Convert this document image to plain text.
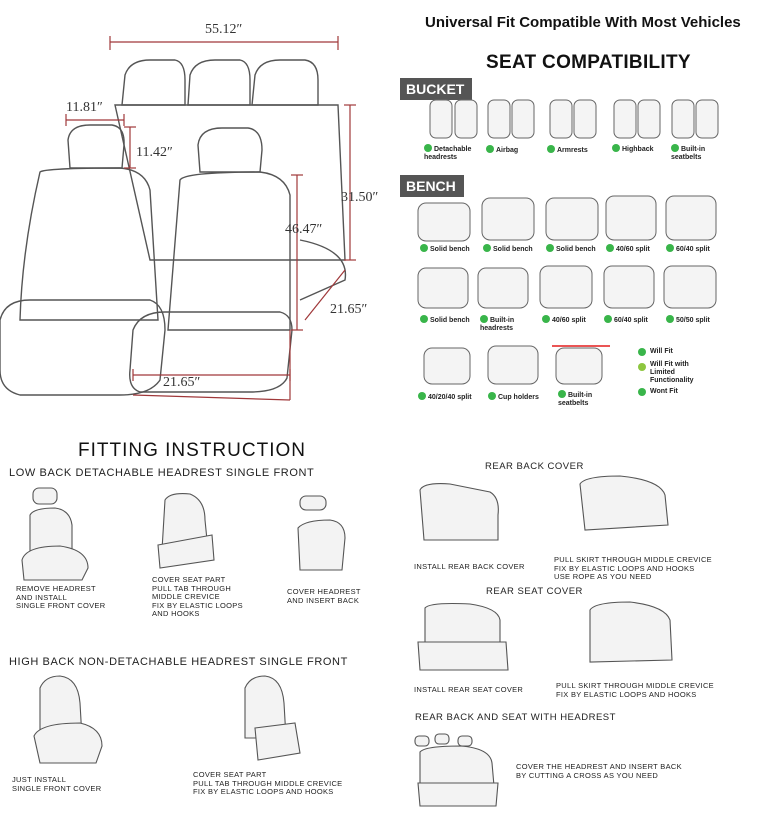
55.12″
11.81″
11.42″
46.47″
31.50″
21.65″
21.65″
Universal Fit Compatible With Most Vehicles
SEAT COMPATIBILITY
BUCKET
BENCH
Detachable
headrests
Airbag	Armrests	Highback	Built-in
seatbelts
Solid bench	Solid bench	Solid bench	40/60 split	60/40 split
Solid bench	Built-in
headrests
40/60 split	60/40 split	50/50 split
40/20/40 split	Cup holders	Built-in
seatbelts
Will Fit
Will Fit with
Limited
Functionality
Wont Fit
FITTING INSTRUCTION
LOW BACK DETACHABLE HEADREST SINGLE FRONT
REMOVE HEADREST
AND INSTALL
SINGLE FRONT COVER
COVER SEAT PART
PULL TAB THROUGH
MIDDLE CREVICE
FIX BY ELASTIC LOOPS
AND HOOKS
COVER HEADREST
AND INSERT BACK
HIGH BACK NON-DETACHABLE HEADREST SINGLE FRONT
JUST INSTALL
SINGLE FRONT COVER
COVER SEAT PART
PULL TAB THROUGH MIDDLE CREVICE
FIX BY ELASTIC LOOPS AND HOOKS
REAR BACK COVER
INSTALL REAR BACK COVER
PULL SKIRT THROUGH MIDDLE CREVICE
FIX BY ELASTIC LOOPS AND HOOKS
USE ROPE AS YOU NEED
REAR SEAT COVER
INSTALL REAR SEAT COVER	PULL SKIRT THROUGH MIDDLE CREVICE
FIX BY ELASTIC LOOPS AND HOOKS
REAR BACK AND SEAT WITH HEADREST
COVER THE HEADREST AND INSERT BACK
BY CUTTING A CROSS AS YOU NEED
